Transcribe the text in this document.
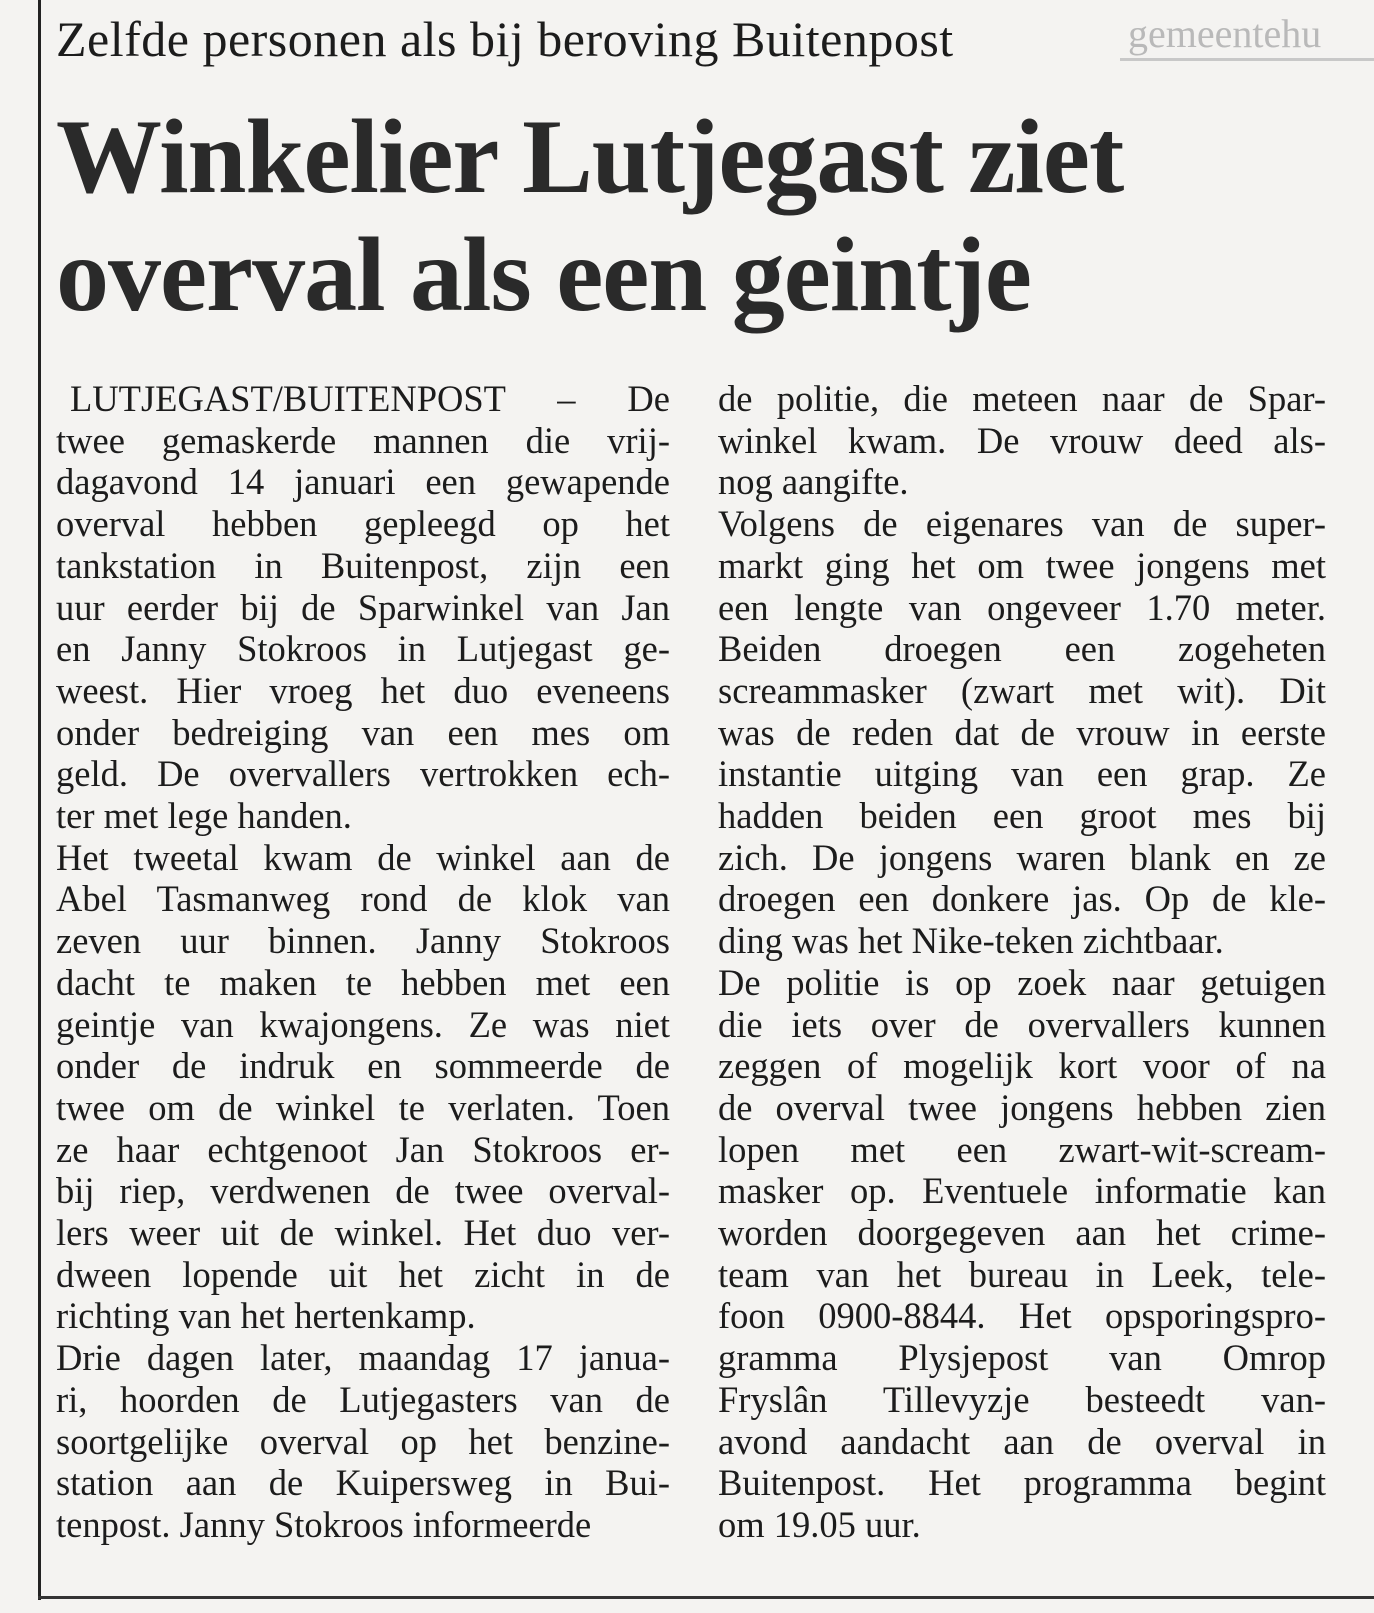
gemeentehu
Zelfde personen als bij beroving Buitenpost
Winkelier Lutjegast ziet
overval als een geintje
LUTJEGAST/BUITENPOST – De
twee gemaskerde mannen die vrij-
dagavond 14 januari een gewapende
overval hebben gepleegd op het
tankstation in Buitenpost, zijn een
uur eerder bij de Sparwinkel van Jan
en Janny Stokroos in Lutjegast ge-
weest. Hier vroeg het duo eveneens
onder bedreiging van een mes om
geld. De overvallers vertrokken ech-
ter met lege handen.
Het tweetal kwam de winkel aan de
Abel Tasmanweg rond de klok van
zeven uur binnen. Janny Stokroos
dacht te maken te hebben met een
geintje van kwajongens. Ze was niet
onder de indruk en sommeerde de
twee om de winkel te verlaten. Toen
ze haar echtgenoot Jan Stokroos er-
bij riep, verdwenen de twee overval-
lers weer uit de winkel. Het duo ver-
dween lopende uit het zicht in de
richting van het hertenkamp.
Drie dagen later, maandag 17 janua-
ri, hoorden de Lutjegasters van de
soortgelijke overval op het benzine-
station aan de Kuipersweg in Bui-
tenpost. Janny Stokroos informeerde
de politie, die meteen naar de Spar-
winkel kwam. De vrouw deed als-
nog aangifte.
Volgens de eigenares van de super-
markt ging het om twee jongens met
een lengte van ongeveer 1.70 meter.
Beiden droegen een zogeheten
screammasker (zwart met wit). Dit
was de reden dat de vrouw in eerste
instantie uitging van een grap. Ze
hadden beiden een groot mes bij
zich. De jongens waren blank en ze
droegen een donkere jas. Op de kle-
ding was het Nike-teken zichtbaar.
De politie is op zoek naar getuigen
die iets over de overvallers kunnen
zeggen of mogelijk kort voor of na
de overval twee jongens hebben zien
lopen met een zwart-wit-scream-
masker op. Eventuele informatie kan
worden doorgegeven aan het crime-
team van het bureau in Leek, tele-
foon 0900-8844. Het opsporingspro-
gramma Plysjepost van Omrop
Fryslân Tillevyzje besteedt van-
avond aandacht aan de overval in
Buitenpost. Het programma begint
om 19.05 uur.
